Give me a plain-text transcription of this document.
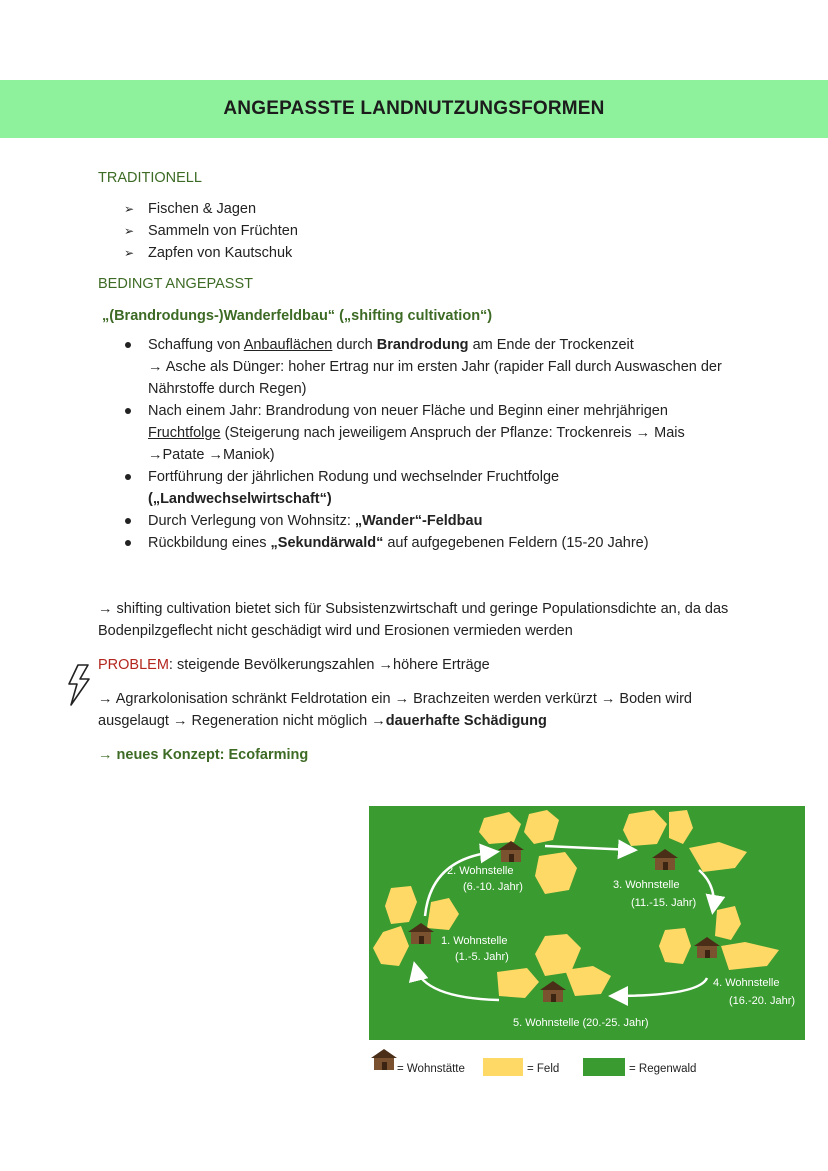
ANGEPASSTE LANDNUTZUNGSFORMEN

TRADITIONELL

➢ Fischen & Jagen
➢ Sammeln von Früchten
➢ Zapfen von Kautschuk

BEDINGT ANGEPASST

„(Brandrodungs-)Wanderfeldbau“ („shifting cultivation“)

Schaffung von Anbauflächen durch Brandrodung am Ende der Trockenzeit
→ Asche als Dünger: hoher Ertrag nur im ersten Jahr (rapider Fall durch Auswaschen der Nährstoffe durch Regen)
Nach einem Jahr: Brandrodung von neuer Fläche und Beginn einer mehrjährigen Fruchtfolge (Steigerung nach jeweiligem Anspruch der Pflanze: Trockenreis → Mais →Patate →Maniok)
Fortführung der jährlichen Rodung und wechselnder Fruchtfolge („Landwechselwirtschaft“)
Durch Verlegung von Wohnsitz: „Wander“-Feldbau
Rückbildung eines „Sekundärwald“ auf aufgegebenen Feldern (15-20 Jahre)

→ shifting cultivation bietet sich für Subsistenzwirtschaft und geringe Populationsdichte an, da das Bodenpilzgeflecht nicht geschädigt wird und Erosionen vermieden werden

PROBLEM: steigende Bevölkerungszahlen →höhere Erträge

→ Agrarkolonisation schränkt Feldrotation ein → Brachzeiten werden verkürzt → Boden wird ausgelaugt → Regeneration nicht möglich →dauerhafte Schädigung

→ neues Konzept: Ecofarming

1. Wohnstelle
(1.-5. Jahr)
2. Wohnstelle
(6.-10. Jahr)	3. Wohnstelle
(11.-15. Jahr)
4. Wohnstelle
(16.-20. Jahr)
5. Wohnstelle (20.-25. Jahr)
= Wohnstätte	= Feld	= Regenwald
